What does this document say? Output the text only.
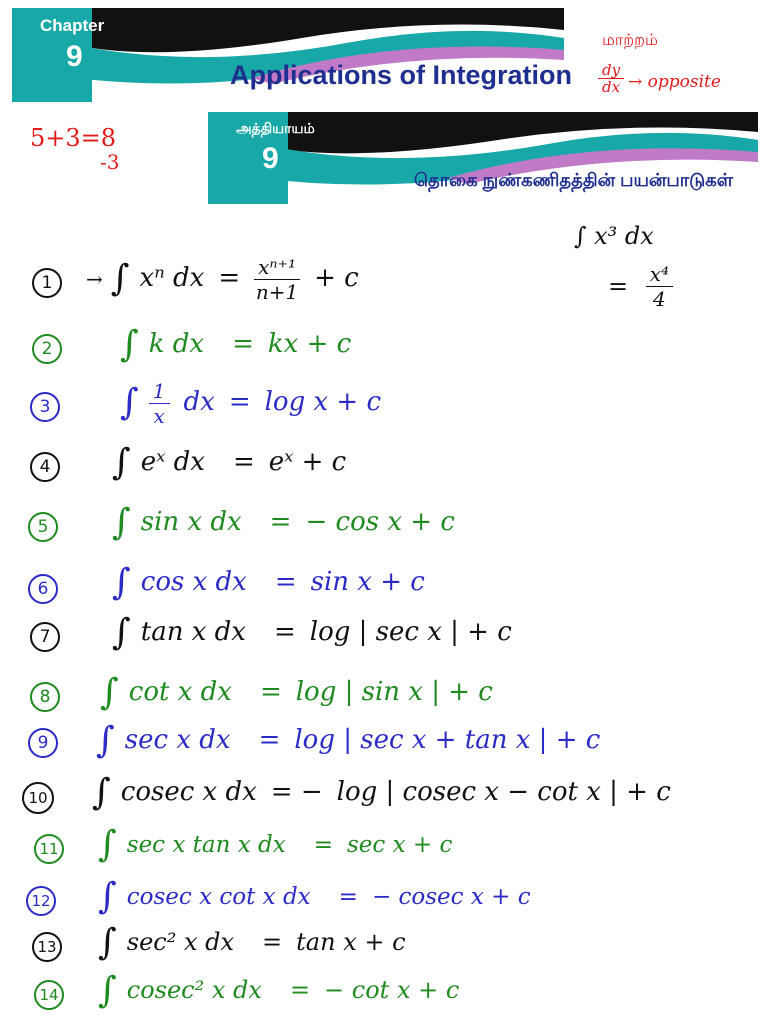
Chapter
9
Applications of Integration
அத்தியாயம்
9
தொகை நுண்கணிதத்தின் பயன்பாடுகள்
மாற்றம்
$\frac{dy}{dx}$ → opposite
5+3=8
-3
∫ x³ dx
= $\frac{\text{x⁴}}{4}$
1	→ ∫ xⁿ dx = $\frac{\text{xⁿ⁺¹}}{n+1} + c$
2 ∫ k dx = kx + c
3 ∫ $\frac{1}{x}$ dx = log x + c
4 ∫ eˣ dx = eˣ + c
5 ∫ sin x dx = − cos x + c
6 ∫ cos x dx = sin x + c
7 ∫ tan x dx = log | sec x | + c
8 ∫ cot x dx = log | sin x | + c
9 ∫ sec x dx = log | sec x + tan x | + c
10 ∫ cosec x dx = − log | cosec x − cot x | + c
11 ∫ sec x tan x dx = sec x + c
12 ∫ cosec x cot x dx = − cosec x + c
13 ∫ sec² x dx = tan x + c
14 ∫ cosec² x dx = − cot x + c
